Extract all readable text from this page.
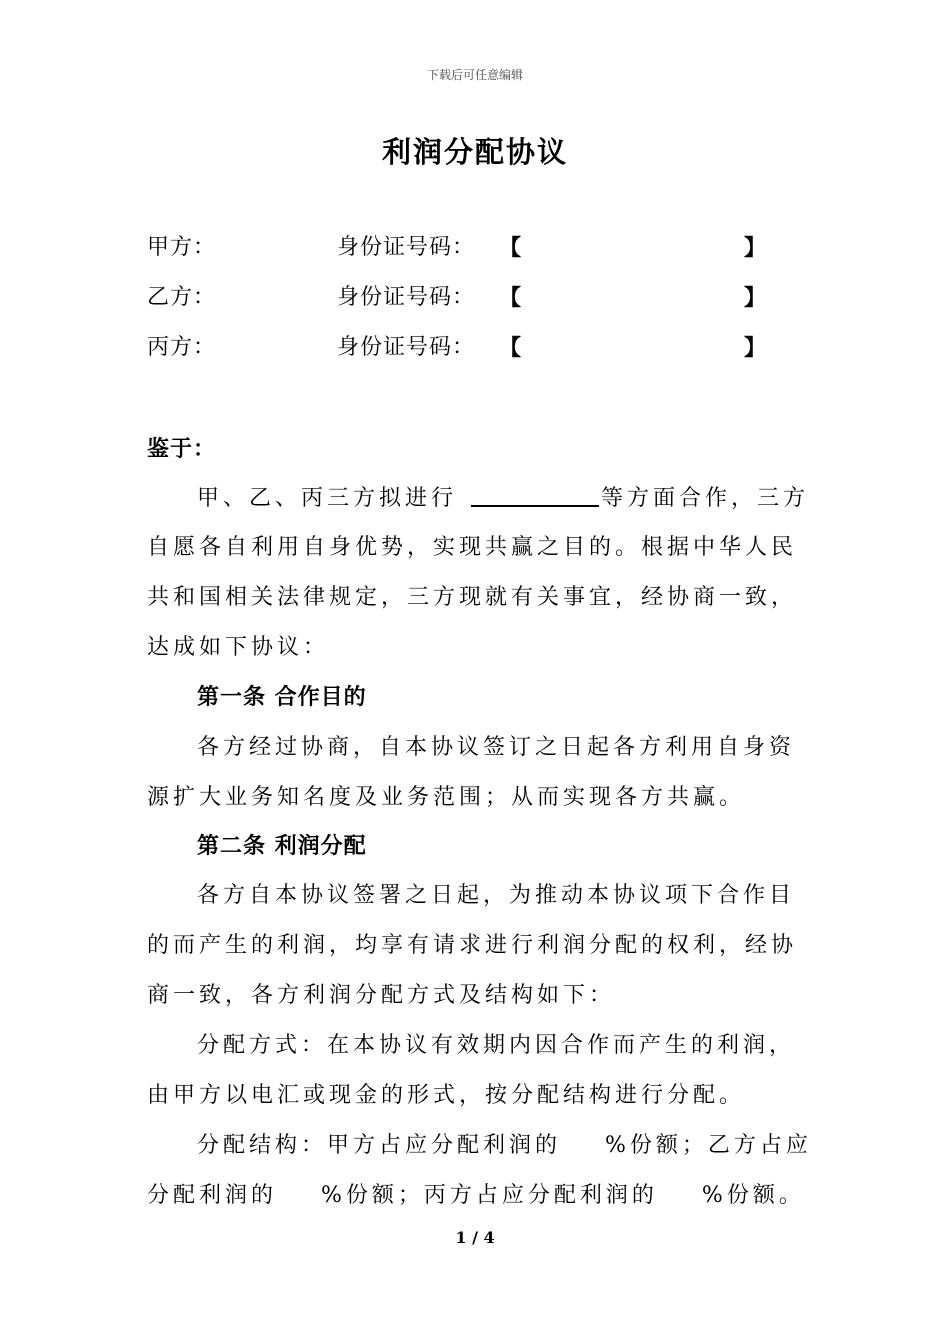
下载后可任意编辑
利润分配协议
甲方：	身份证号码： 【	】
乙方：	身份证号码： 【	】
丙方：	身份证号码： 【	】
鉴于：
甲、乙、丙三方拟进行	等方面合作，三方
自愿各自利用自身优势，实现共赢之目的。根据中华人民
共和国相关法律规定，三方现就有关事宜，经协商一致，
达成如下协议：
第一条 合作目的
各方经过协商，自本协议签订之日起各方利用自身资
源扩大业务知名度及业务范围；从而实现各方共赢。
第二条 利润分配
各方自本协议签署之日起，为推动本协议项下合作目
的而产生的利润，均享有请求进行利润分配的权利，经协
商一致，各方利润分配方式及结构如下：
分配方式：在本协议有效期内因合作而产生的利润，
由甲方以电汇或现金的形式，按分配结构进行分配。
分配结构：甲方占应分配利润的 %份额；乙方占应
分配利润的 %份额；丙方占应分配利润的 %份额。
1 / 4
